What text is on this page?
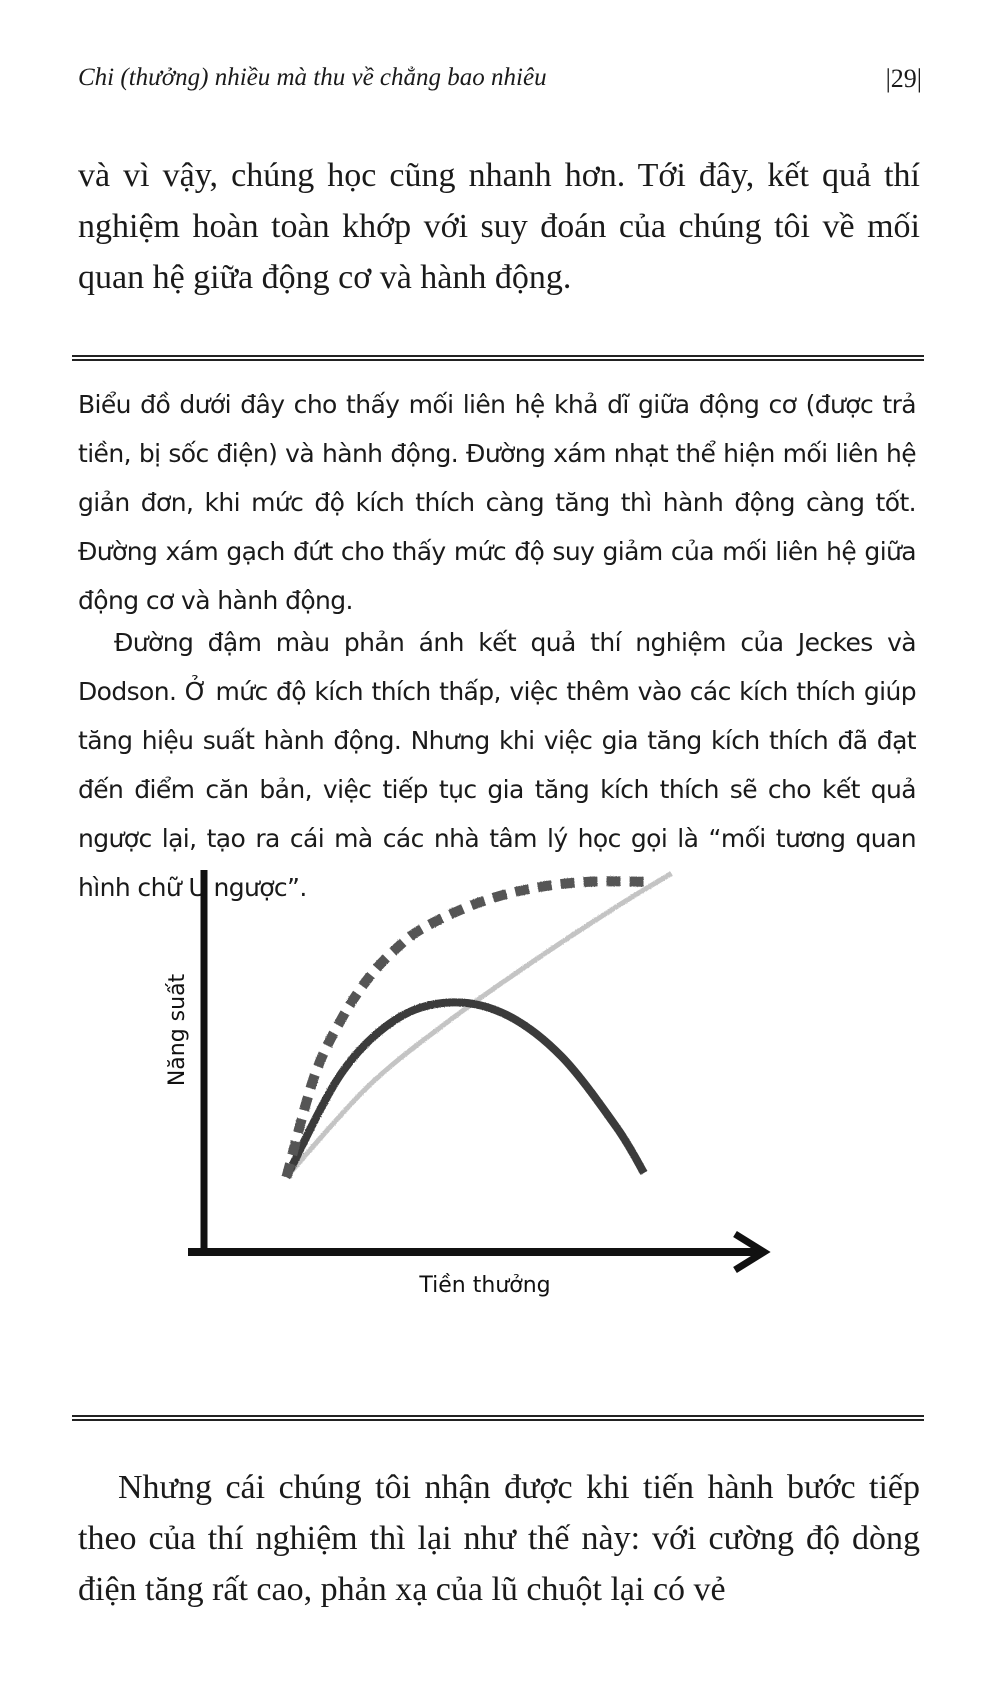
Chi (thưởng) nhiều mà thu về chẳng bao nhiêu	|29|

và vì vậy, chúng học cũng nhanh hơn. Tới đây, kết quả thí nghiệm hoàn toàn khớp với suy đoán của chúng tôi về mối quan hệ giữa động cơ và hành động.

Biểu đồ dưới đây cho thấy mối liên hệ khả dĩ giữa động cơ (được trả tiền, bị sốc điện) và hành động. Đường xám nhạt thể hiện mối liên hệ giản đơn, khi mức độ kích thích càng tăng thì hành động càng tốt. Đường xám gạch đứt cho thấy mức độ suy giảm của mối liên hệ giữa động cơ và hành động.

Đường đậm màu phản ánh kết quả thí nghiệm của Jeckes và Dodson. Ở mức độ kích thích thấp, việc thêm vào các kích thích giúp tăng hiệu suất hành động. Nhưng khi việc gia tăng kích thích đã đạt đến điểm căn bản, việc tiếp tục gia tăng kích thích sẽ cho kết quả ngược lại, tạo ra cái mà các nhà tâm lý học gọi là “mối tương quan hình chữ U ngược”.

Tiền thưởng
Năng suất

Nhưng cái chúng tôi nhận được khi tiến hành bước tiếp theo của thí nghiệm thì lại như thế này: với cường độ dòng điện tăng rất cao, phản xạ của lũ chuột lại có vẻ
